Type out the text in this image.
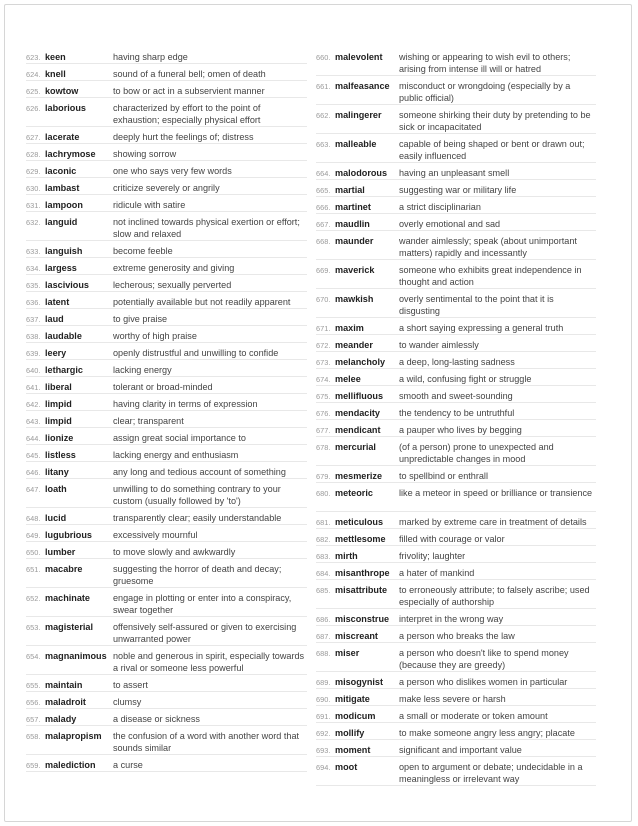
623. keen	having sharp edge
624. knell	sound of a funeral bell; omen of death
625. kowtow	to bow or act in a subservient manner
626. laborious	characterized by effort to the point of exhaustion; especially physical effort
627. lacerate	deeply hurt the feelings of; distress
628. lachrymose	showing sorrow
629. laconic	one who says very few words
630. lambast	criticize severely or angrily
631. lampoon	ridicule with satire
632. languid	not inclined towards physical exertion or effort; slow and relaxed
633. languish	become feeble
634. largess	extreme generosity and giving
635. lascivious	lecherous; sexually perverted
636. latent	potentially available but not readily apparent
637. laud	to give praise
638. laudable	worthy of high praise
639. leery	openly distrustful and unwilling to confide
640. lethargic	lacking energy
641. liberal	tolerant or broad-minded
642. limpid	having clarity in terms of expression
643. limpid	clear; transparent
644. lionize	assign great social importance to
645. listless	lacking energy and enthusiasm
646. litany	any long and tedious account of something
647. loath	unwilling to do something contrary to your custom (usually followed by 'to')
648. lucid	transparently clear; easily understandable
649. lugubrious	excessively mournful
650. lumber	to move slowly and awkwardly
651. macabre	suggesting the horror of death and decay; gruesome
652. machinate	engage in plotting or enter into a conspiracy, swear together
653. magisterial	offensively self-assured or given to exercising unwarranted power
654. magnanimous noble and generous in spirit, especially towards a rival or someone less powerful
655. maintain	to assert
656. maladroit	clumsy
657. malady	a disease or sickness
658. malapropism	the confusion of a word with another word that sounds similar
659. malediction	a curse
660. malevolent	wishing or appearing to wish evil to others; arising from intense ill will or hatred
661. malfeasance	misconduct or wrongdoing (especially by a public official)
662. malingerer	someone shirking their duty by pretending to be sick or incapacitated
663. malleable	capable of being shaped or bent or drawn out; easily influenced
664. malodorous	having an unpleasant smell
665. martial	suggesting war or military life
666. martinet	a strict disciplinarian
667. maudlin	overly emotional and sad
668. maunder	wander aimlessly; speak (about unimportant matters) rapidly and incessantly
669. maverick	someone who exhibits great independence in thought and action
670. mawkish	overly sentimental to the point that it is disgusting
671. maxim	a short saying expressing a general truth
672. meander	to wander aimlessly
673. melancholy	a deep, long-lasting sadness
674. melee	a wild, confusing fight or struggle
675. mellifluous	smooth and sweet-sounding
676. mendacity	the tendency to be untruthful
677. mendicant	a pauper who lives by begging
678. mercurial	(of a person) prone to unexpected and unpredictable changes in mood
679. mesmerize	to spellbind or enthrall
680. meteoric	like a meteor in speed or brilliance or transience
681. meticulous	marked by extreme care in treatment of details
682. mettlesome	filled with courage or valor
683. mirth	frivolity; laughter
684. misanthrope	a hater of mankind
685. misattribute	to erroneously attribute; to falsely ascribe; used especially of authorship
686. misconstrue	interpret in the wrong way
687. miscreant	a person who breaks the law
688. miser	a person who doesn't like to spend money (because they are greedy)
689. misogynist	a person who dislikes women in particular
690. mitigate	make less severe or harsh
691. modicum	a small or moderate or token amount
692. mollify	to make someone angry less angry; placate
693. moment	significant and important value
694. moot	open to argument or debate; undecidable in a meaningless or irrelevant way
